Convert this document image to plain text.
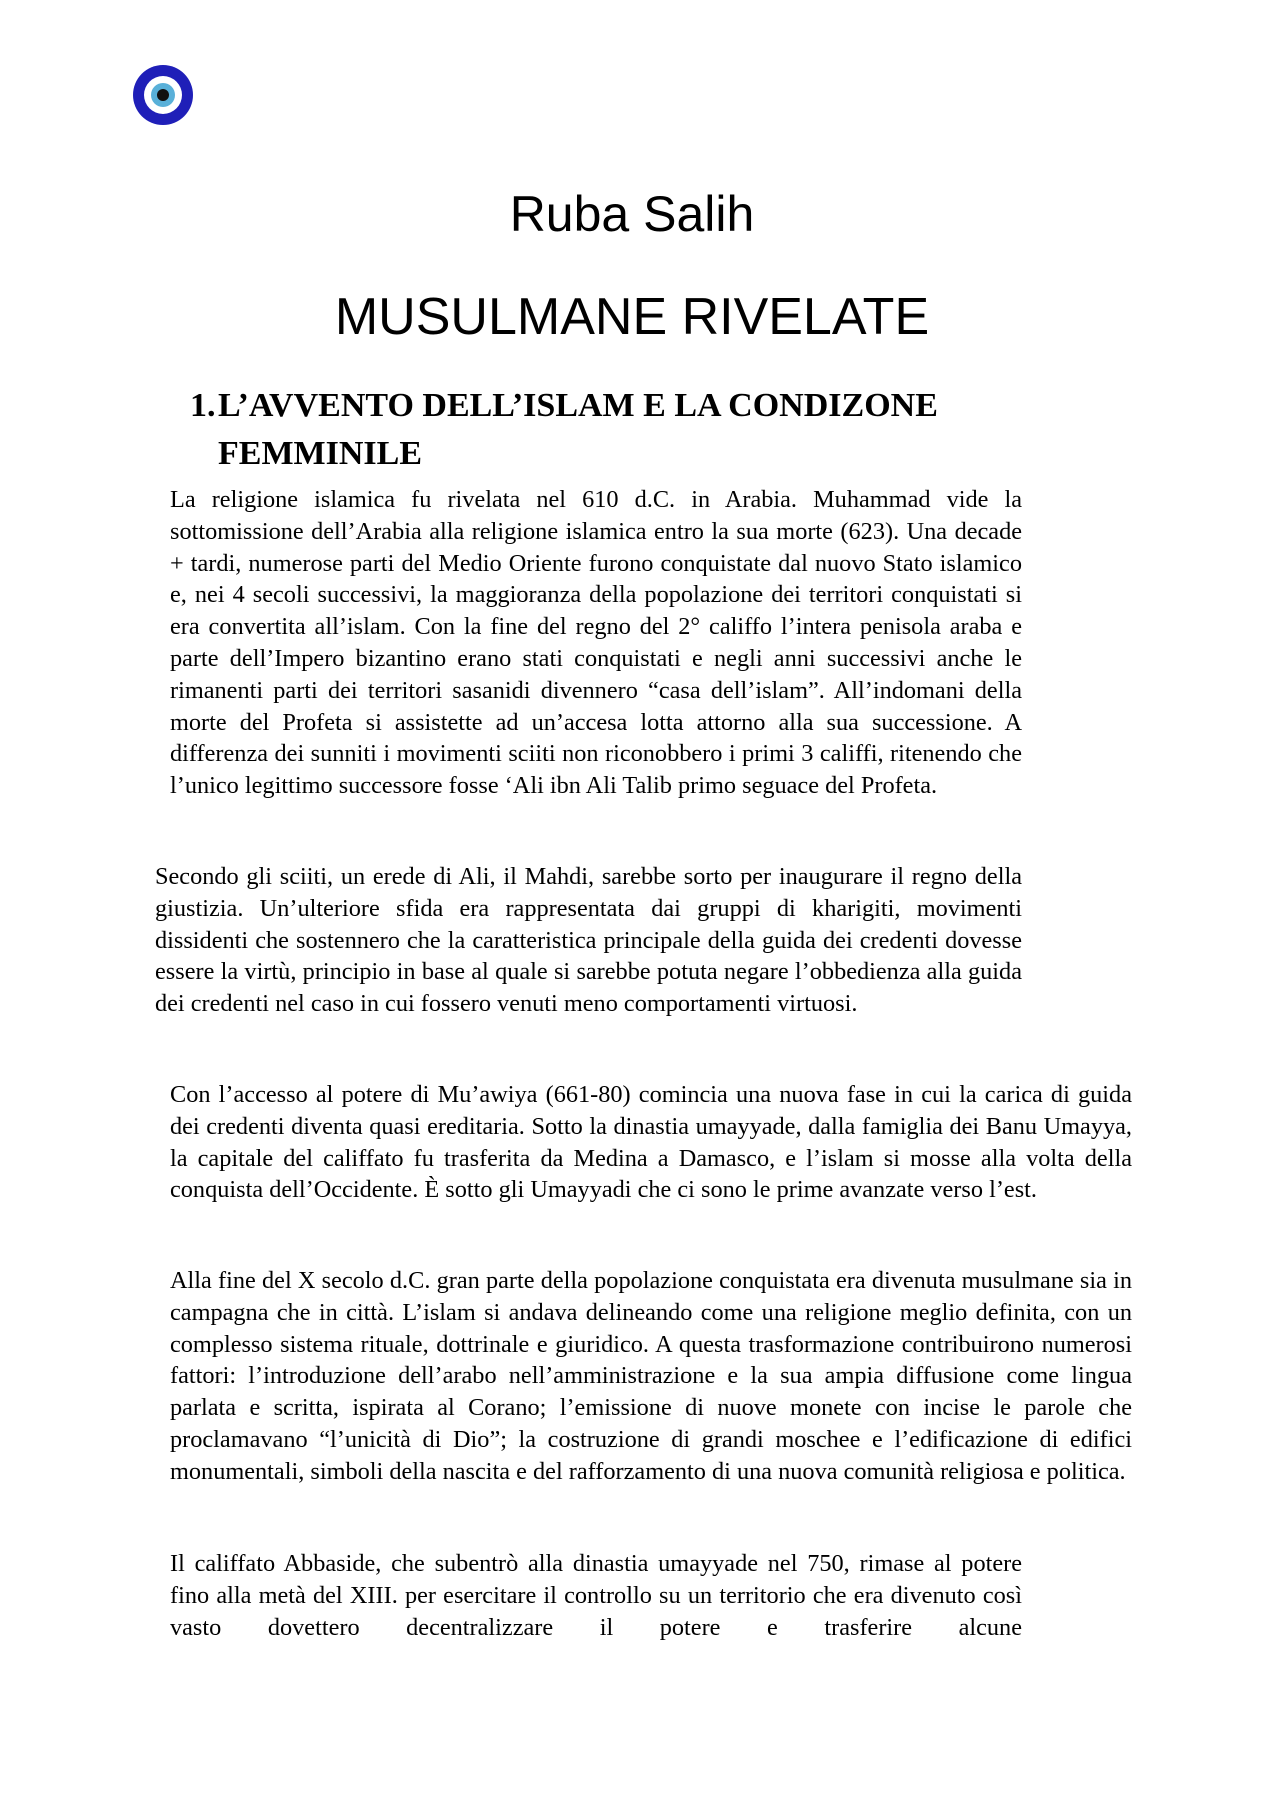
Ruba Salih
MUSULMANE RIVELATE
1.L’AVVENTO DELL’ISLAM E LA CONDIZONE
FEMMINILE

La religione islamica fu rivelata nel 610 d.C. in Arabia. Muhammad vide la sottomissione dell’Arabia alla religione islamica entro la sua morte (623). Una decade + tardi, numerose parti del Medio Oriente furono conquistate dal nuovo Stato islamico e, nei 4 secoli successivi, la maggioranza della popolazione dei territori conquistati si era convertita all’islam. Con la fine del regno del 2° califfo l’intera penisola araba e parte dell’Impero bizantino erano stati conquistati e negli anni successivi anche le rimanenti parti dei territori sasanidi divennero “casa dell’islam”. All’indomani della morte del Profeta si assistette ad un’accesa lotta attorno alla sua successione. A differenza dei sunniti i movimenti sciiti non riconobbero i primi 3 califfi, ritenendo che l’unico legittimo successore fosse ‘Ali ibn Ali Talib primo seguace del Profeta.

Secondo gli sciiti, un erede di Ali, il Mahdi, sarebbe sorto per inaugurare il regno della giustizia. Un’ulteriore sfida era rappresentata dai gruppi di kharigiti, movimenti dissidenti che sostennero che la caratteristica principale della guida dei credenti dovesse essere la virtù, principio in base al quale si sarebbe potuta negare l’obbedienza alla guida dei credenti nel caso in cui fossero venuti meno comportamenti virtuosi.

Con l’accesso al potere di Mu’awiya (661-80) comincia una nuova fase in cui la carica di guida dei credenti diventa quasi ereditaria. Sotto la dinastia umayyade, dalla famiglia dei Banu Umayya, la capitale del califfato fu trasferita da Medina a Damasco, e l’islam si mosse alla volta della conquista dell’Occidente. È sotto gli Umayyadi che ci sono le prime avanzate verso l’est.

Alla fine del X secolo d.C. gran parte della popolazione conquistata era divenuta musulmane sia in campagna che in città. L’islam si andava delineando come una religione meglio definita, con un complesso sistema rituale, dottrinale e giuridico. A questa trasformazione contribuirono numerosi fattori: l’introduzione dell’arabo nell’amministrazione e la sua ampia diffusione come lingua parlata e scritta, ispirata al Corano; l’emissione di nuove monete con incise le parole che proclamavano “l’unicità di Dio”; la costruzione di grandi moschee e l’edificazione di edifici monumentali, simboli della nascita e del rafforzamento di una nuova comunità religiosa e politica.

Il califfato Abbaside, che subentrò alla dinastia umayyade nel 750, rimase al potere fino alla metà del XIII. per esercitare il controllo su un territorio che era divenuto così vasto dovettero decentralizzare il potere e trasferire alcune
